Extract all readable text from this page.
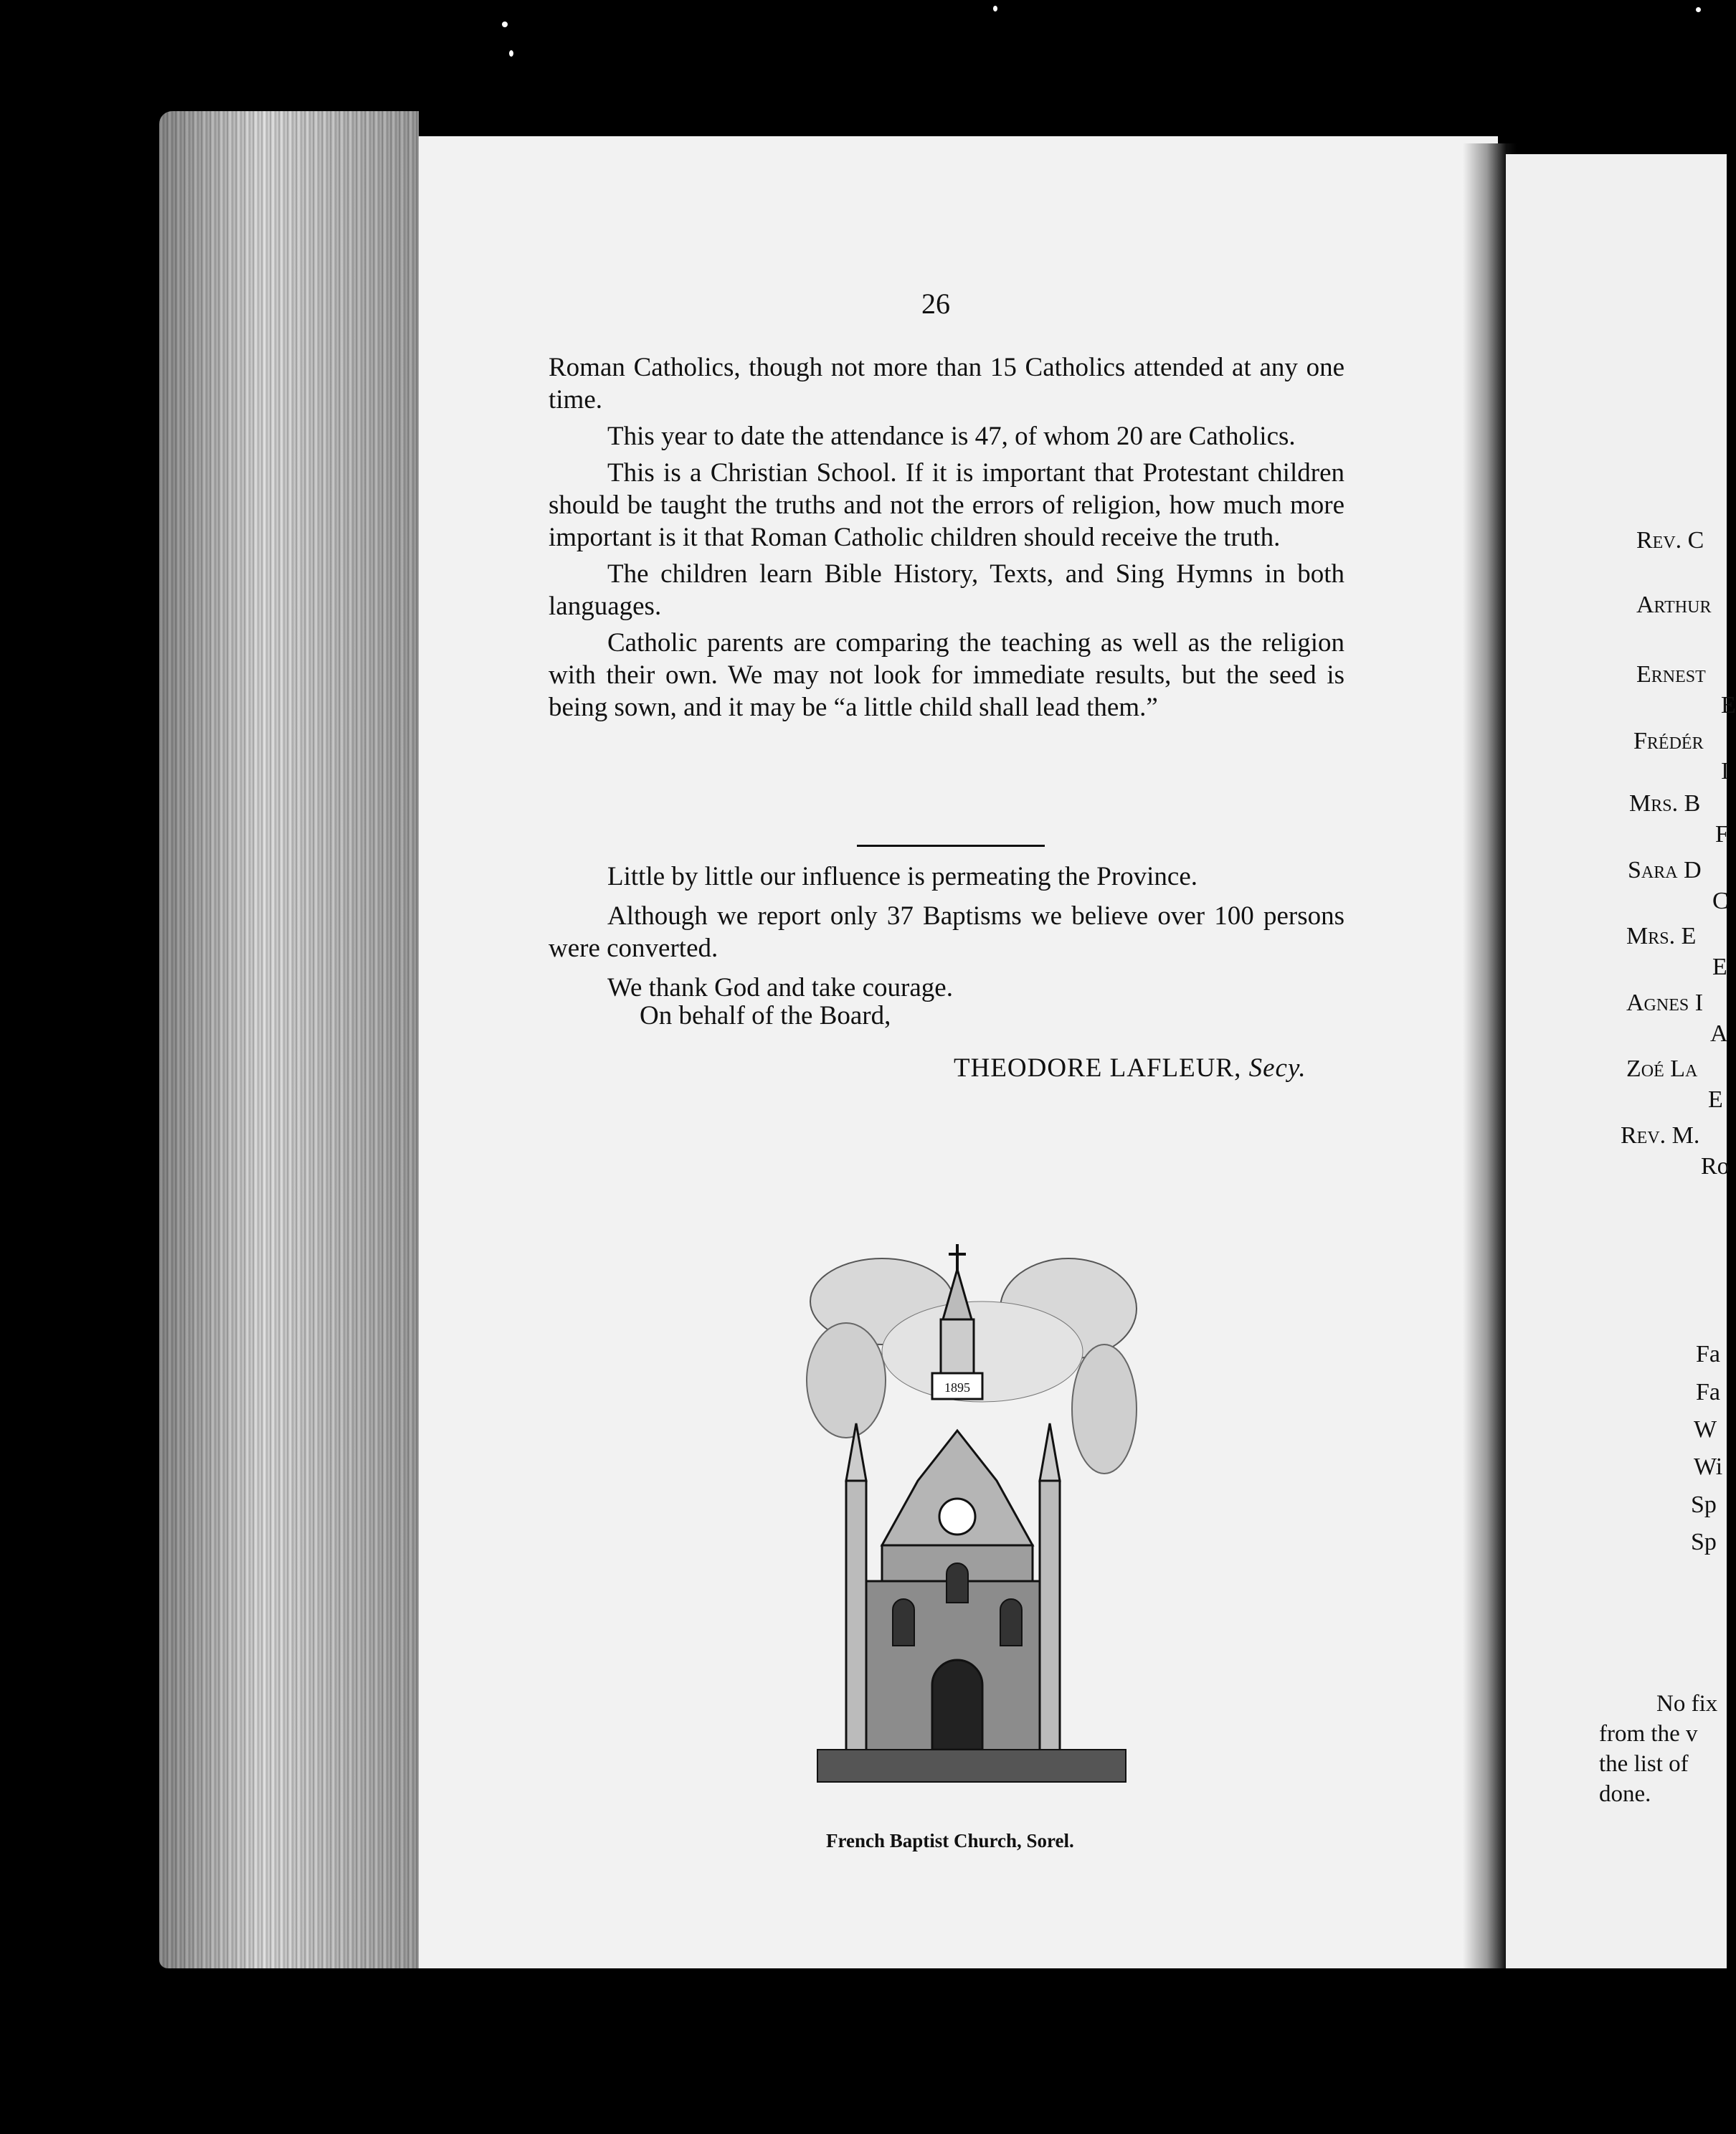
26

Roman Catholics, though not more than 15 Catholics attended at any one time.

This year to date the attendance is 47, of whom 20 are Catholics.

This is a Christian School. If it is important that Protestant children should be taught the truths and not the errors of religion, how much more important is it that Roman Catholic children should receive the truth.

The children learn Bible History, Texts, and Sing Hymns in both languages.

Catholic parents are comparing the teaching as well as the religion with their own. We may not look for immediate results, but the seed is being sown, and it may be “a little child shall lead them.”

Little by little our influence is permeating the Province.

Although we report only 37 Baptisms we believe over 100 persons were converted.

We thank God and take courage.

On behalf of the Board,
THEODORE LAFLEUR, Secy.
1895
French Baptist Church, Sorel.
Rev. C
Arthur
Ernest
E
Frédér
I
Mrs. B
F
Sara D
C
Mrs. E
E
Agnes I
A
Zoé La
E
Rev. M.
Ro
Fa
Fa
W
Wi
Sp
Sp
No fix
from the v
the list of
done.
